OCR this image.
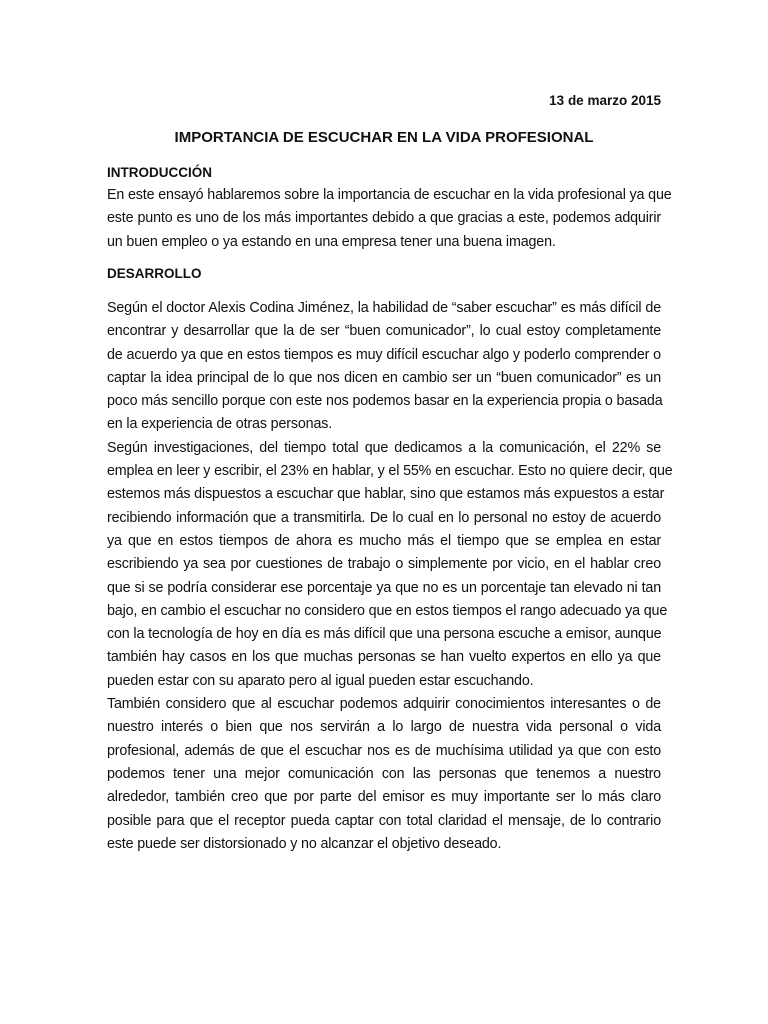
13 de marzo 2015
IMPORTANCIA DE ESCUCHAR EN LA VIDA PROFESIONAL
INTRODUCCIÓN
En este ensayó hablaremos sobre la importancia de escuchar en la vida profesional ya que
este punto es uno de los más importantes debido a que gracias a este, podemos adquirir
un buen empleo o ya estando en una empresa tener una buena imagen.
DESARROLLO
Según el doctor Alexis Codina Jiménez, la habilidad de “saber escuchar” es más difícil de
encontrar y desarrollar que la de ser “buen comunicador”, lo cual estoy completamente
de acuerdo ya que en estos tiempos es muy difícil escuchar algo y poderlo comprender o
captar la idea principal de lo que nos dicen en cambio ser un “buen comunicador” es un
poco más sencillo porque con este nos podemos basar en la experiencia propia o basada
en la experiencia de otras personas.
Según investigaciones, del tiempo total que dedicamos a la comunicación, el 22% se
emplea en leer y escribir, el 23% en hablar, y el 55% en escuchar. Esto no quiere decir, que
estemos más dispuestos a escuchar que hablar, sino que estamos más expuestos a estar
recibiendo información que a transmitirla. De lo cual en lo personal no estoy de acuerdo
ya que en estos tiempos de ahora es mucho más el tiempo que se emplea en estar
escribiendo ya sea por cuestiones de trabajo o simplemente por vicio, en el hablar creo
que si se podría considerar ese porcentaje ya que no es un porcentaje tan elevado ni tan
bajo, en cambio el escuchar no considero que en estos tiempos el rango adecuado ya que
con la tecnología de hoy en día es más difícil que una persona escuche a emisor, aunque
también hay casos en los que muchas personas se han vuelto expertos en ello ya que
pueden estar con su aparato pero al igual pueden estar escuchando.
También considero que al escuchar podemos adquirir conocimientos interesantes o de
nuestro interés o bien que nos servirán a lo largo de nuestra vida personal o vida
profesional, además de que el escuchar nos es de muchísima utilidad ya que con esto
podemos tener una mejor comunicación con las personas que tenemos a nuestro
alrededor, también creo que por parte del emisor es muy importante ser lo más claro
posible para que el receptor pueda captar con total claridad el mensaje, de lo contrario
este puede ser distorsionado y no alcanzar el objetivo deseado.
